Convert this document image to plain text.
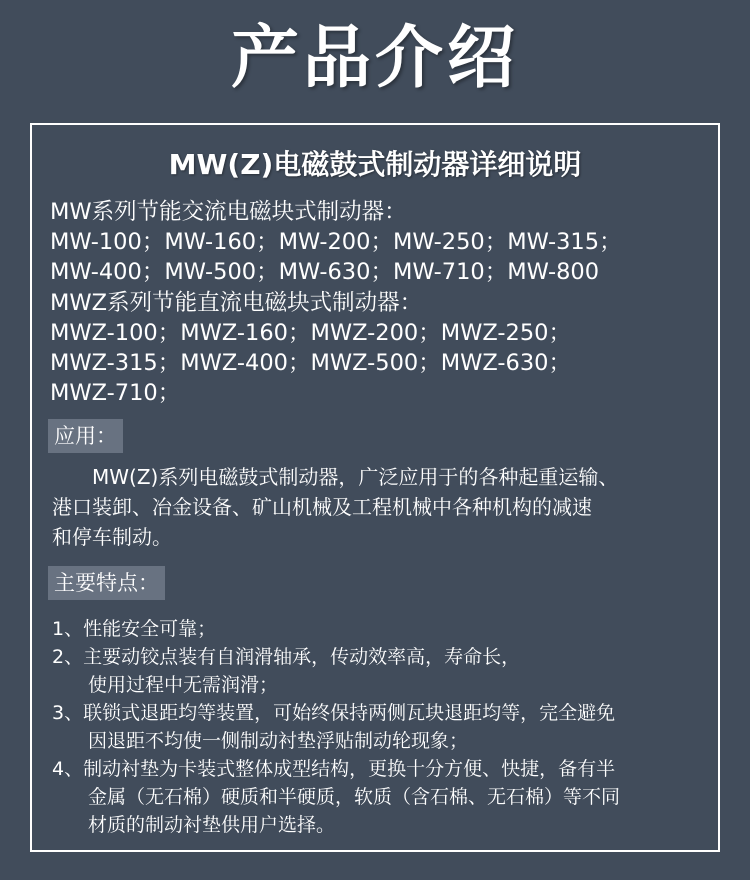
产品介绍
MW(Z)电磁鼓式制动器详细说明
MW系列节能交流电磁块式制动器：
MW-100；MW-160；MW-200；MW-250；MW-315；
MW-400；MW-500；MW-630；MW-710；MW-800
MWZ系列节能直流电磁块式制动器：
MWZ-100；MWZ-160；MWZ-200；MWZ-250；
MWZ-315；MWZ-400；MWZ-500；MWZ-630；
MWZ-710；
应用：
MW(Z)系列电磁鼓式制动器，广泛应用于的各种起重运输、
港口装卸、冶金设备、矿山机械及工程机械中各种机构的减速
和停车制动。
主要特点：
1、性能安全可靠；
2、主要动铰点装有自润滑轴承，传动效率高，寿命长，
使用过程中无需润滑；
3、联锁式退距均等装置，可始终保持两侧瓦块退距均等，完全避免
因退距不均使一侧制动衬垫浮贴制动轮现象；
4、制动衬垫为卡装式整体成型结构，更换十分方便、快捷，备有半
金属（无石棉）硬质和半硬质，软质（含石棉、无石棉）等不同
材质的制动衬垫供用户选择。
